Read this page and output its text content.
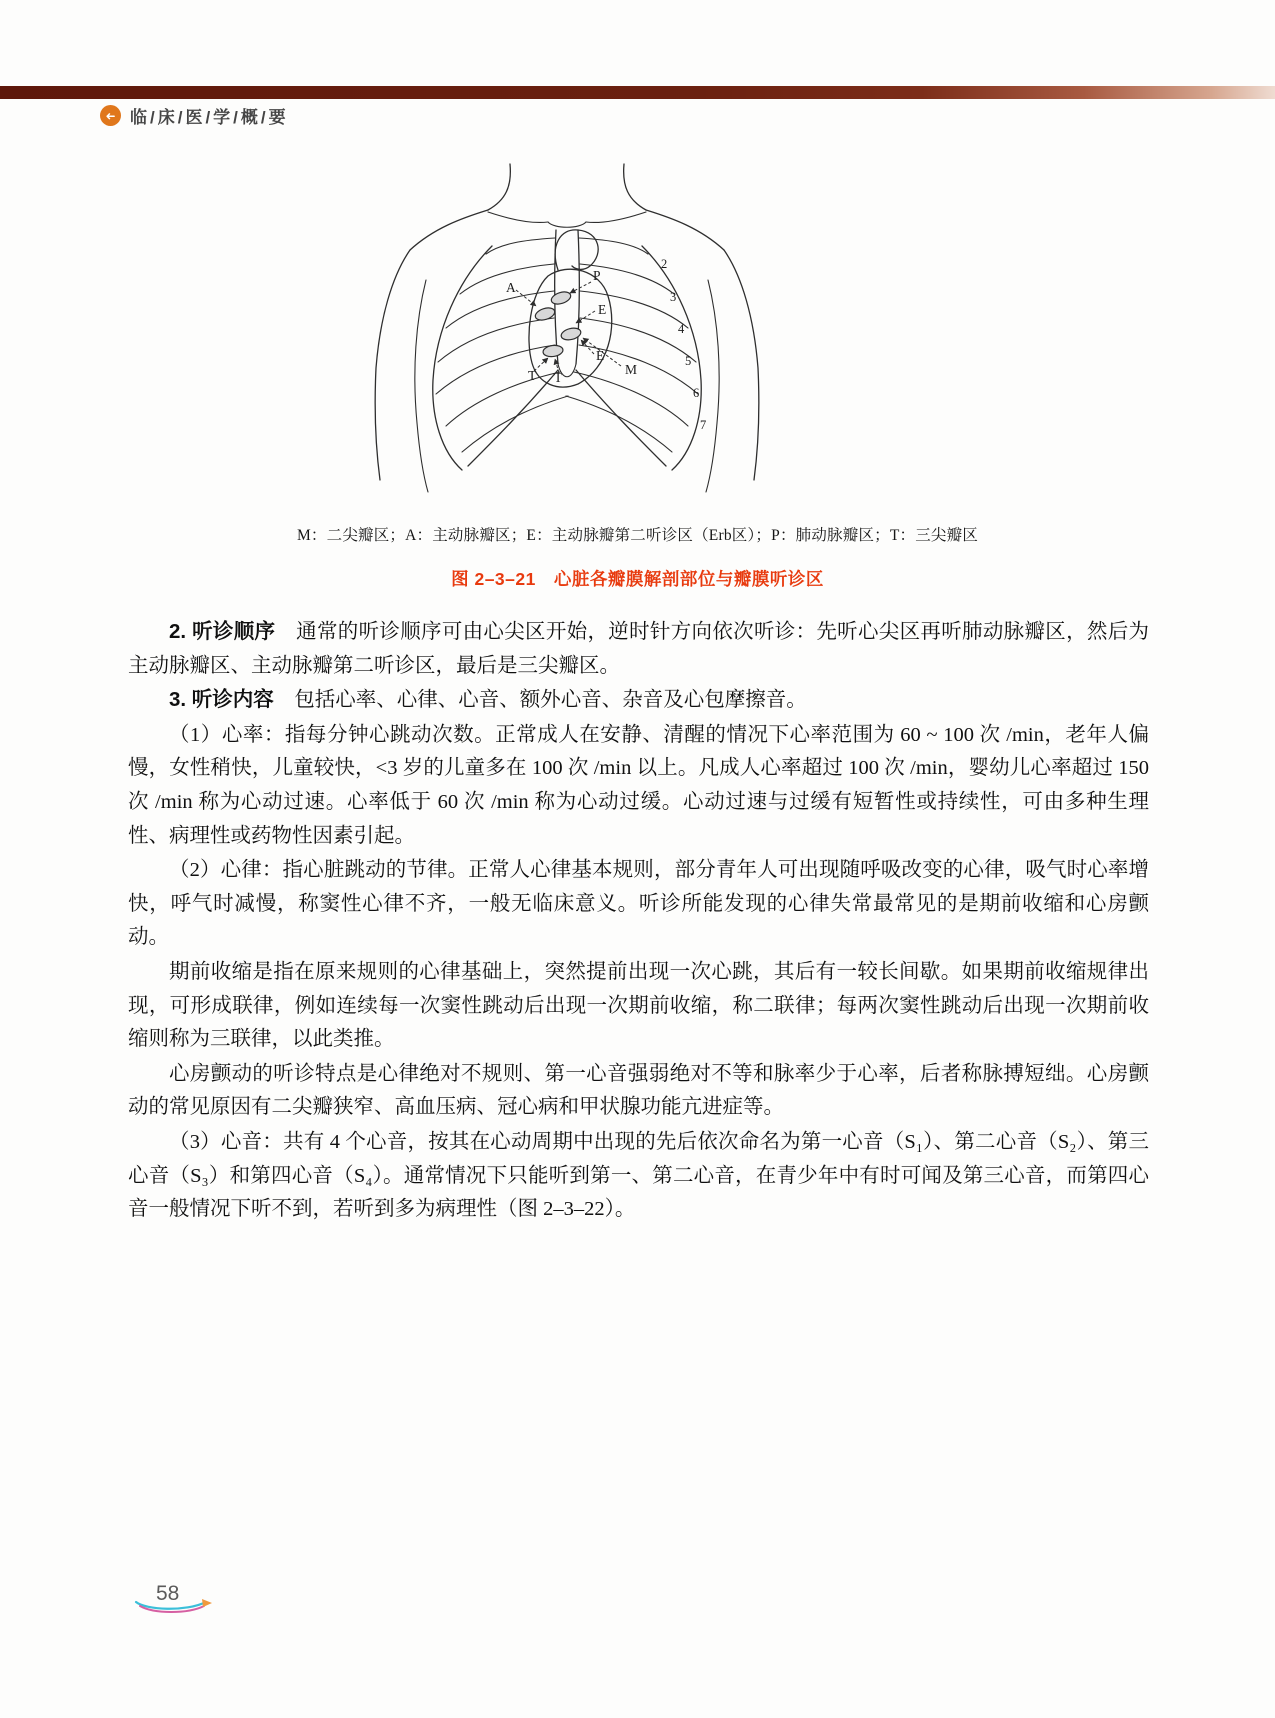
➜ 临/床/医/学/概/要
A
P
E
E
M
T T
2
3
4
5
6
7
M：二尖瓣区；A：主动脉瓣区；E：主动脉瓣第二听诊区（Erb区）；P：肺动脉瓣区；T：三尖瓣区
图 2–3–21　心脏各瓣膜解剖部位与瓣膜听诊区

2. 听诊顺序　通常的听诊顺序可由心尖区开始，逆时针方向依次听诊：先听心尖区再听肺动脉瓣区，然后为主动脉瓣区、主动脉瓣第二听诊区，最后是三尖瓣区。

3. 听诊内容　包括心率、心律、心音、额外心音、杂音及心包摩擦音。

（1）心率：指每分钟心跳动次数。正常成人在安静、清醒的情况下心率范围为 60 ~ 100 次 /min，老年人偏慢，女性稍快，儿童较快，<3 岁的儿童多在 100 次 /min 以上。凡成人心率超过 100 次 /min，婴幼儿心率超过 150 次 /min 称为心动过速。心率低于 60 次 /min 称为心动过缓。心动过速与过缓有短暂性或持续性，可由多种生理性、病理性或药物性因素引起。

（2）心律：指心脏跳动的节律。正常人心律基本规则，部分青年人可出现随呼吸改变的心律，吸气时心率增快，呼气时减慢，称窦性心律不齐，一般无临床意义。听诊所能发现的心律失常最常见的是期前收缩和心房颤动。

期前收缩是指在原来规则的心律基础上，突然提前出现一次心跳，其后有一较长间歇。如果期前收缩规律出现，可形成联律，例如连续每一次窦性跳动后出现一次期前收缩，称二联律；每两次窦性跳动后出现一次期前收缩则称为三联律，以此类推。

心房颤动的听诊特点是心律绝对不规则、第一心音强弱绝对不等和脉率少于心率，后者称脉搏短绌。心房颤动的常见原因有二尖瓣狭窄、高血压病、冠心病和甲状腺功能亢进症等。

（3）心音：共有 4 个心音，按其在心动周期中出现的先后依次命名为第一心音（S₁）、第二心音（S₂）、第三心音（S₃）和第四心音（S₄）。通常情况下只能听到第一、第二心音，在青少年中有时可闻及第三心音，而第四心音一般情况下听不到，若听到多为病理性（图 2–3–22）。

58
